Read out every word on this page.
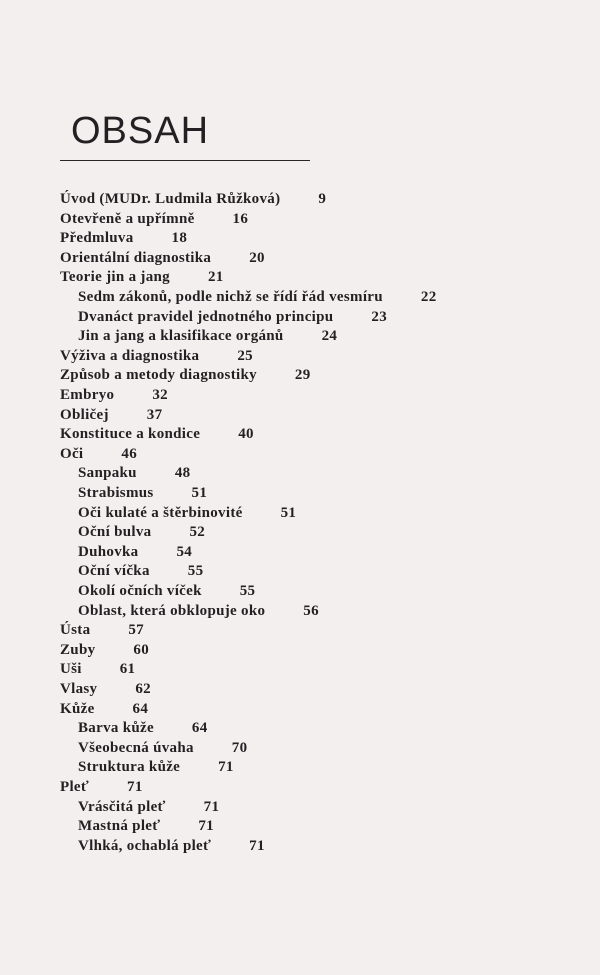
OBSAH
Úvod (MUDr. Ludmila Růžková)	9
Otevřeně a upřímně	16
Předmluva	18
Orientální diagnostika	20
Teorie jin a jang	21
Sedm zákonů, podle nichž se řídí řád vesmíru	22
Dvanáct pravidel jednotného principu	23
Jin a jang a klasifikace orgánů	24
Výživa a diagnostika	25
Způsob a metody diagnostiky	29
Embryo	32
Obličej	37
Konstituce a kondice	40
Oči	46
Sanpaku	48
Strabismus	51
Oči kulaté a štěrbinovité	51
Oční bulva	52
Duhovka	54
Oční víčka	55
Okolí očních víček	55
Oblast, která obklopuje oko	56
Ústa	57
Zuby	60
Uši	61
Vlasy	62
Kůže	64
Barva kůže	64
Všeobecná úvaha	70
Struktura kůže	71
Pleť	71
Vrásčitá pleť	71
Mastná pleť	71
Vlhká, ochablá pleť	71
